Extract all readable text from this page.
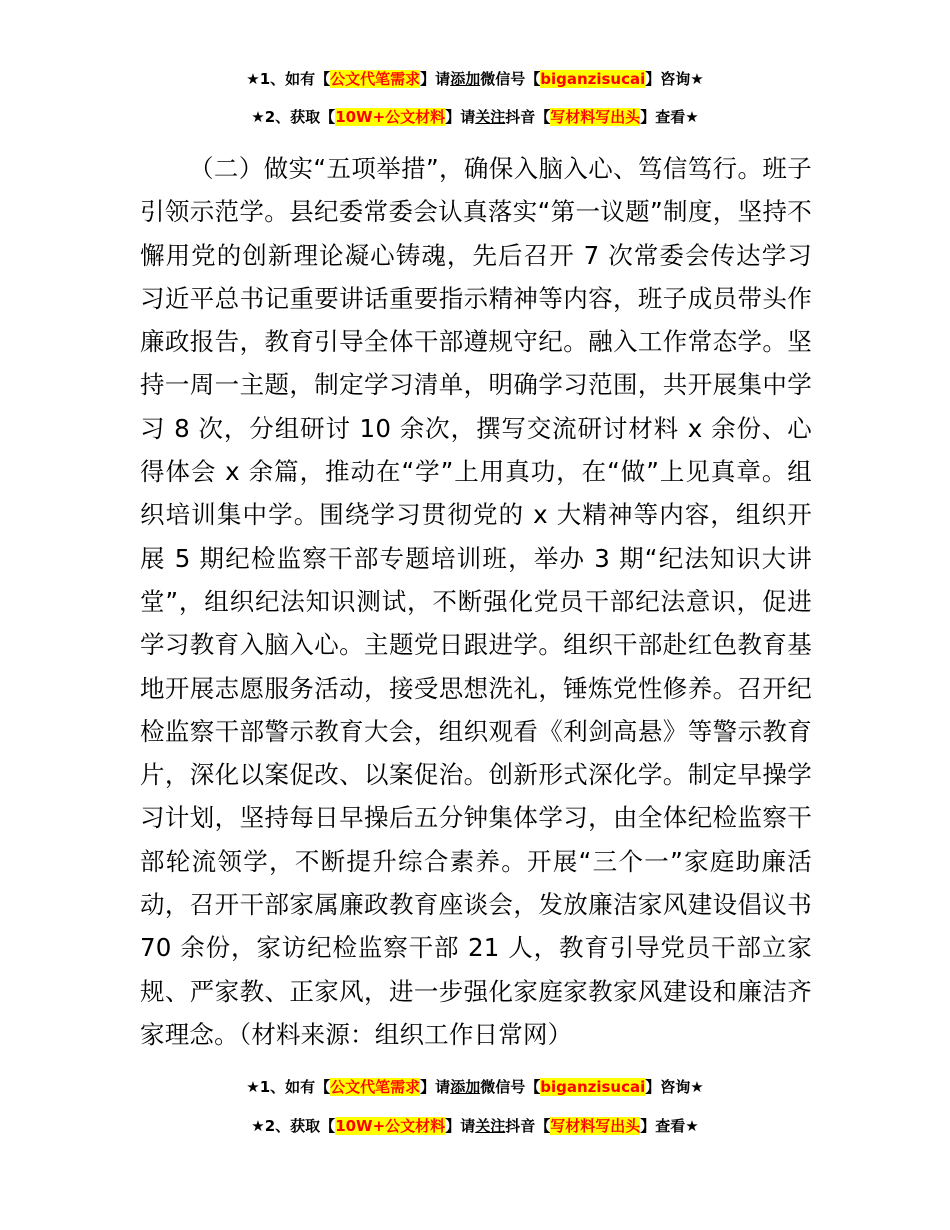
★1、如有【公文代笔需求】请添加微信号【biganzisucai】咨询★
★2、获取【10W+公文材料】请关注抖音【写材料写出头】查看★

（二）做实“五项举措”，确保入脑入心、笃信笃行。班子引领示范学。县纪委常委会认真落实“第一议题”制度，坚持不懈用党的创新理论凝心铸魂，先后召开 7 次常委会传达学习习近平总书记重要讲话重要指示精神等内容，班子成员带头作廉政报告，教育引导全体干部遵规守纪。融入工作常态学。坚持一周一主题，制定学习清单，明确学习范围，共开展集中学习 8 次，分组研讨 10 余次，撰写交流研讨材料 x 余份、心得体会 x 余篇，推动在“学”上用真功，在“做”上见真章。组织培训集中学。围绕学习贯彻党的 x 大精神等内容，组织开展 5 期纪检监察干部专题培训班，举办 3 期“纪法知识大讲堂”，组织纪法知识测试，不断强化党员干部纪法意识，促进学习教育入脑入心。主题党日跟进学。组织干部赴红色教育基地开展志愿服务活动，接受思想洗礼，锤炼党性修养。召开纪检监察干部警示教育大会，组织观看《利剑高悬》等警示教育片，深化以案促改、以案促治。创新形式深化学。制定早操学习计划，坚持每日早操后五分钟集体学习，由全体纪检监察干部轮流领学，不断提升综合素养。开展“三个一”家庭助廉活动，召开干部家属廉政教育座谈会，发放廉洁家风建设倡议书 70 余份，家访纪检监察干部 21 人，教育引导党员干部立家规、严家教、正家风，进一步强化家庭家教家风建设和廉洁齐家理念。（材料来源：组织工作日常网）

★1、如有【公文代笔需求】请添加微信号【biganzisucai】咨询★
★2、获取【10W+公文材料】请关注抖音【写材料写出头】查看★
